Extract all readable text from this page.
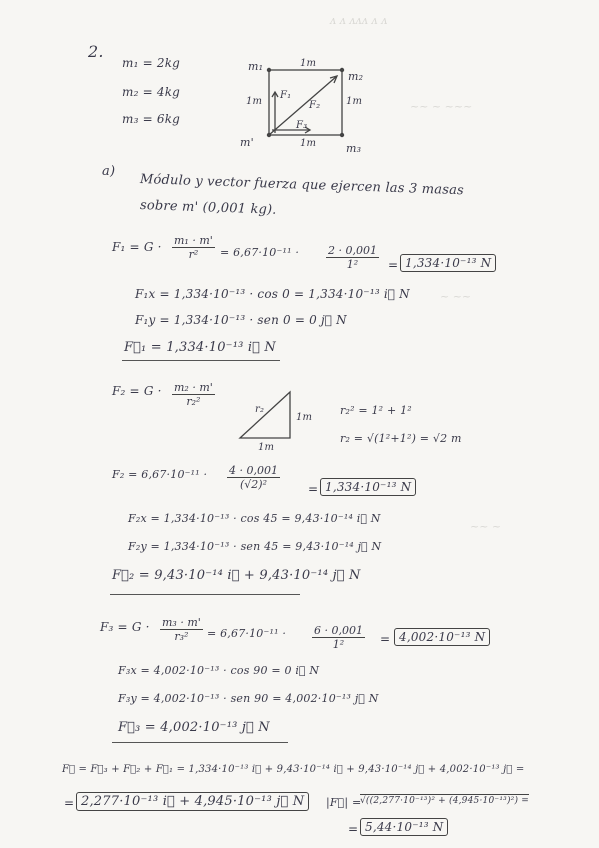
ᴧ ᴧ ᴧᴧᴧ ᴧ ᴧ
~~ ~ ~~~
~ ~~
~~ ~
2.
m₁ = 2kg
m₂ = 4kg
m₃ = 6kg
m₁	1m
m₂
1m	1m
F₁
F₂
F₃
m'	1m	m₃
a)
Módulo y vector fuerza que ejercen las 3 masas
sobre m' (0,001 kg).
$F_1 = G \cdot \frac{\text{m₁ · m'}}{\text{r²}} = 6,67\cdot 10^{-11} \cdot \frac{2 \cdot 0,001}{\text{1²}} = 1,334\cdot 10^{-13}$ N
F₁x = 1,334·10⁻¹³ · cos 0 = 1,334·10⁻¹³ i⃗ N
F₁y = 1,334·10⁻¹³ · sen 0 = 0 j⃗ N
F⃗₁ = 1,334·10⁻¹³ i⃗ N
$F_2 = G \cdot \frac{\text{m₂ · m'}}{\text{r₂²}}$
r₂
1m
1m
r₂² = 1² + 1²
r₂ = √(1²+1²) = √2 m
$F_2 = 6,67\cdot 10^{-11} \cdot \frac{4 \cdot 0,001}{\text{(√2)²}} = 1,334\cdot 10^{-13}$ N
F₂x = 1,334·10⁻¹³ · cos 45 = 9,43·10⁻¹⁴ i⃗ N
F₂y = 1,334·10⁻¹³ · sen 45 = 9,43·10⁻¹⁴ j⃗ N
F⃗₂ = 9,43·10⁻¹⁴ i⃗ + 9,43·10⁻¹⁴ j⃗ N
$F_3 = G \cdot \frac{\text{m₃ · m'}}{\text{r₃²}} = 6,67\cdot 10^{-11} \cdot \frac{6 \cdot 0,001}{\text{1²}} = 4,002\cdot 10^{-13}$ N
F₃x = 4,002·10⁻¹³ · cos 90 = 0 i⃗ N
F₃y = 4,002·10⁻¹³ · sen 90 = 4,002·10⁻¹³ j⃗ N
F⃗₃ = 4,002·10⁻¹³ j⃗ N
F⃗ = F⃗₃ + F⃗₂ + F⃗₁ = 1,334·10⁻¹³ i⃗ + 9,43·10⁻¹⁴ i⃗ + 9,43·10⁻¹⁴ j⃗ + 4,002·10⁻¹³ j⃗ =
= 2,277·10⁻¹³ i⃗ + 4,945·10⁻¹³ j⃗ N	|F⃗| =
√((2,277·10⁻¹³)² + (4,945·10⁻¹³)²) =
= 5,44·10⁻¹³ N
